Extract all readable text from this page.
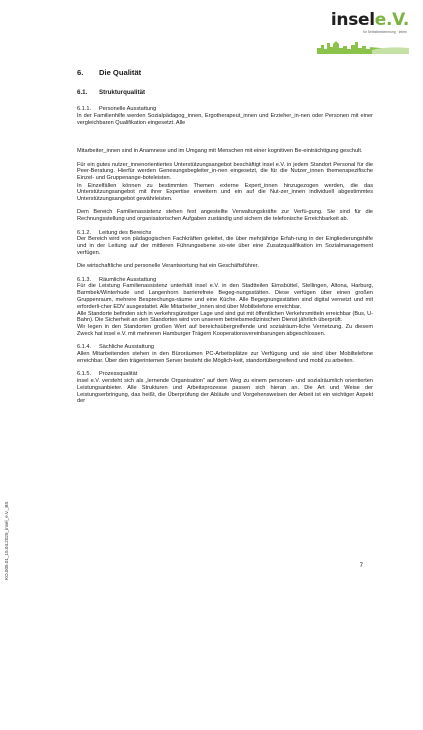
insele.V.
für Selbstbestimmung · leben
6. Die Qualität
6.1. Strukturqualität
6.1.1. Personelle Ausstattung

In der Familienhilfe werden Sozialpädagog_innen, Ergotherapeut_innen und Erzieher_in-nen oder Personen mit einer vergleichbaren Qualifikation eingesetzt. Alle

Mitarbeiter_innen sind in Anamnese und im Umgang mit Menschen mit einer kognitiven Be-einträchtigung geschult.

Für ein gutes nutzer_innenorientiertes Unterstützungsangebot beschäftigt insel e.V. in jedem Standort Personal für die Peer-Beratung. Hierfür werden Genesungsbegleiter_in-nen eingesetzt, die für die Nutzer_innen themenspezifische Einzel- und Gruppenange-boteleisten.

In Einzelfällen können zu bestimmten Themen externe Expert_innen hinzugezogen werden, die das Unterstützungsangebot mit ihrer Expertise erweitern und ein auf die Nut-zer_innen individuell abgestimmtes Unterstützungsangebot gewährleisten.

Dem Bereich Familienassistenz stehen fest angestellte Verwaltungskräfte zur Verfü-gung. Sie sind für die Rechnungsstellung und organisatorischen Aufgaben zuständig und sichern die telefonische Erreichbarkeit ab.

6.1.2. Leitung des Bereichs

Der Bereich wird von pädagogischen Fachkräften geleitet, die über mehrjährige Erfah-rung in der Eingliederungshilfe und in der Leitung auf der mittleren Führungsebene so-wie über eine Zusatzqualifikation im Sozialmanagement verfügen.

Die wirtschaftliche und personelle Verantwortung hat ein Geschäftsführer.

6.1.3. Räumliche Ausstattung

Für die Leistung Familienassistenz unterhält insel e.V. in den Stadtteilen Eimsbüttel, Stellingen, Altona, Harburg, Barmbek/Winterhude und Langenhorn barrierefreie Begeg-nungsstätten. Diese verfügen über einen großen Gruppenraum, mehrere Besprechungs-räume und eine Küche. Alle Begegnungsstätten sind digital vernetzt und mit erforderli-cher EDV ausgestattet. Alle Mitarbeiter_innen sind über Mobiltelefone erreichbar.

Alle Standorte befinden sich in verkehrsgünstiger Lage und sind gut mit öffentlichen Verkehrsmitteln erreichbar (Bus, U-Bahn). Die Sicherheit an den Standorten wird von unserem betriebsmedizinischen Dienst jährlich überprüft.

Wir legen in den Standorten großen Wert auf bereichsübergreifende und sozialräum-liche Vernetzung. Zu diesem Zweck hat insel e.V. mit mehreren Hamburger Trägern Kooperationsvereinbarungen abgeschlossen.

6.1.4. Sächliche Ausstattung

Allen Mitarbeitenden stehen in den Büroräumen PC-Arbeitsplätze zur Verfügung und sie sind über Mobiltelefone erreichbar. Über den trägerinternen Server besteht die Möglich-keit, standortübergreifend und mobil zu arbeiten.

6.1.5. Prozessqualität

insel e.V. versteht sich als „lernende Organisation“ auf dem Weg zu einem personen- und sozialräumlich orientierten Leistungsanbieter. Alle Strukturen und Arbeitsprozesse passen sich hieran an. Die Art und Weise der Leistungserbringung, das heißt, die Überprüfung der Abläufe und Vorgehensweisen der Arbeit ist ein wichtiger Aspekt der

KO.005.01_15.04.2025_insel_e.V._BS	7
